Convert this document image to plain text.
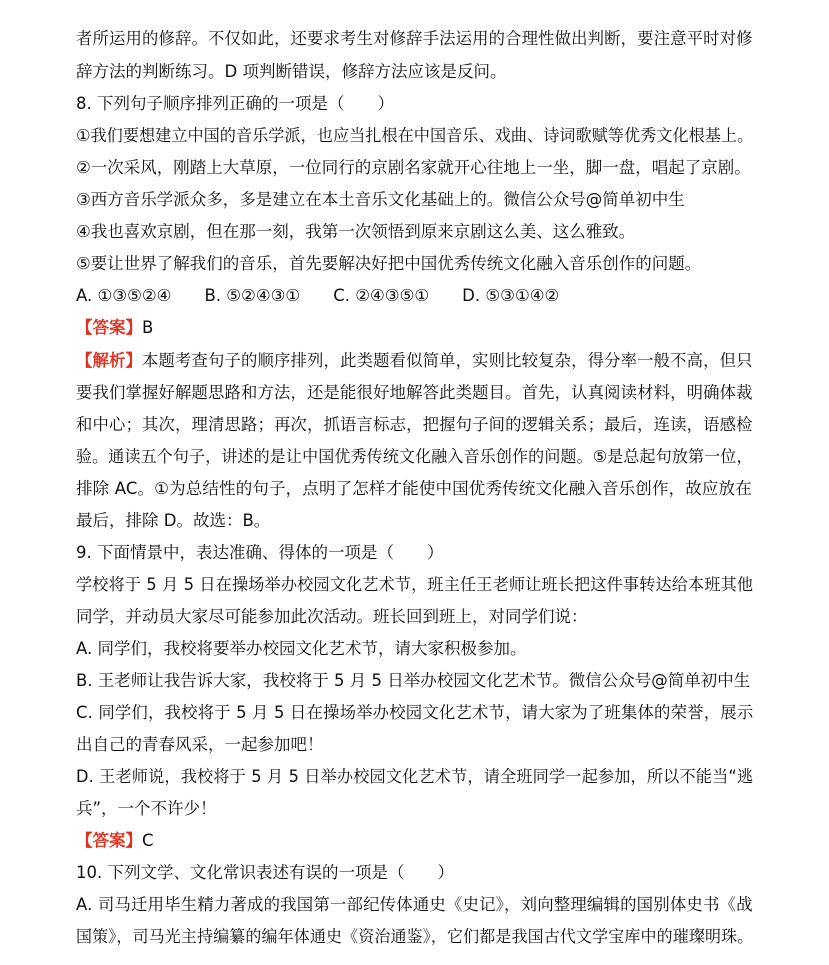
者所运用的修辞。不仅如此，还要求考生对修辞手法运用的合理性做出判断，要注意平时对修
辞方法的判断练习。D 项判断错误，修辞方法应该是反问。
8. 下列句子顺序排列正确的一项是（　　）
①我们要想建立中国的音乐学派，也应当扎根在中国音乐、戏曲、诗词歌赋等优秀文化根基上。
②一次采风，刚踏上大草原，一位同行的京剧名家就开心往地上一坐，脚一盘，唱起了京剧。
③西方音乐学派众多，多是建立在本土音乐文化基础上的。微信公众号@简单初中生
④我也喜欢京剧，但在那一刻，我第一次领悟到原来京剧这么美、这么雅致。
⑤要让世界了解我们的音乐，首先要解决好把中国优秀传统文化融入音乐创作的问题。
A. ①③⑤②④　　B. ⑤②④③①　　C. ②④③⑤①　　D. ⑤③①④②
【答案】B
【解析】本题考查句子的顺序排列，此类题看似简单，实则比较复杂，得分率一般不高，但只
要我们掌握好解题思路和方法，还是能很好地解答此类题目。首先，认真阅读材料，明确体裁
和中心；其次，理清思路；再次，抓语言标志，把握句子间的逻辑关系；最后，连读，语感检
验。通读五个句子，讲述的是让中国优秀传统文化融入音乐创作的问题。⑤是总起句放第一位，
排除 AC。①为总结性的句子，点明了怎样才能使中国优秀传统文化融入音乐创作，故应放在
最后，排除 D。故选：B。
9. 下面情景中，表达准确、得体的一项是（　　）
学校将于 5 月 5 日在操场举办校园文化艺术节，班主任王老师让班长把这件事转达给本班其他
同学，并动员大家尽可能参加此次活动。班长回到班上，对同学们说：
A. 同学们，我校将要举办校园文化艺术节，请大家积极参加。
B. 王老师让我告诉大家，我校将于 5 月 5 日举办校园文化艺术节。微信公众号@简单初中生
C. 同学们，我校将于 5 月 5 日在操场举办校园文化艺术节，请大家为了班集体的荣誉，展示
出自己的青春风采，一起参加吧！
D. 王老师说，我校将于 5 月 5 日举办校园文化艺术节，请全班同学一起参加，所以不能当“逃
兵”，一个不许少！
【答案】C
10. 下列文学、文化常识表述有误的一项是（　　）
A. 司马迁用毕生精力著成的我国第一部纪传体通史《史记》，刘向整理编辑的国别体史书《战
国策》，司马光主持编纂的编年体通史《资治通鉴》，它们都是我国古代文学宝库中的璀璨明珠。
